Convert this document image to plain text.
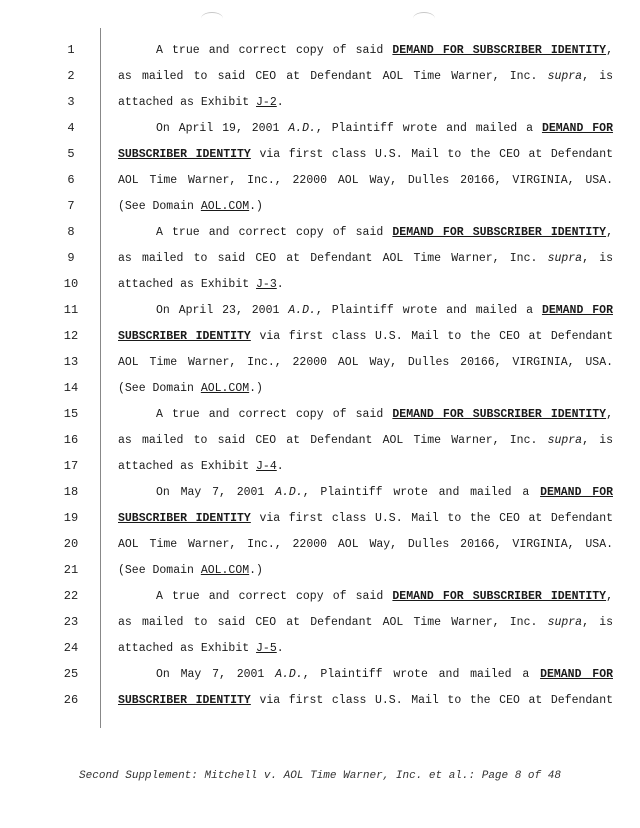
1	A true and correct copy of said DEMAND FOR SUBSCRIBER IDENTITY,
2	as mailed to said CEO at Defendant AOL Time Warner, Inc. supra, is
3	attached as Exhibit J-2.
4	On April 19, 2001 A.D., Plaintiff wrote and mailed a DEMAND FOR
5	SUBSCRIBER IDENTITY via first class U.S. Mail to the CEO at Defendant
6	AOL Time Warner, Inc., 22000 AOL Way, Dulles 20166, VIRGINIA, USA.
7	(See Domain AOL.COM.)
8	A true and correct copy of said DEMAND FOR SUBSCRIBER IDENTITY,
9	as mailed to said CEO at Defendant AOL Time Warner, Inc. supra, is
10	attached as Exhibit J-3.
11	On April 23, 2001 A.D., Plaintiff wrote and mailed a DEMAND FOR
12	SUBSCRIBER IDENTITY via first class U.S. Mail to the CEO at Defendant
13	AOL Time Warner, Inc., 22000 AOL Way, Dulles 20166, VIRGINIA, USA.
14	(See Domain AOL.COM.)
15	A true and correct copy of said DEMAND FOR SUBSCRIBER IDENTITY,
16	as mailed to said CEO at Defendant AOL Time Warner, Inc. supra, is
17	attached as Exhibit J-4.
18	On May 7, 2001 A.D., Plaintiff wrote and mailed a DEMAND FOR
19	SUBSCRIBER IDENTITY via first class U.S. Mail to the CEO at Defendant
20	AOL Time Warner, Inc., 22000 AOL Way, Dulles 20166, VIRGINIA, USA.
21	(See Domain AOL.COM.)
22	A true and correct copy of said DEMAND FOR SUBSCRIBER IDENTITY,
23	as mailed to said CEO at Defendant AOL Time Warner, Inc. supra, is
24	attached as Exhibit J-5.
25	On May 7, 2001 A.D., Plaintiff wrote and mailed a DEMAND FOR
26	SUBSCRIBER IDENTITY via first class U.S. Mail to the CEO at Defendant
Second Supplement: Mitchell v. AOL Time Warner, Inc. et al.: Page 8 of 48
